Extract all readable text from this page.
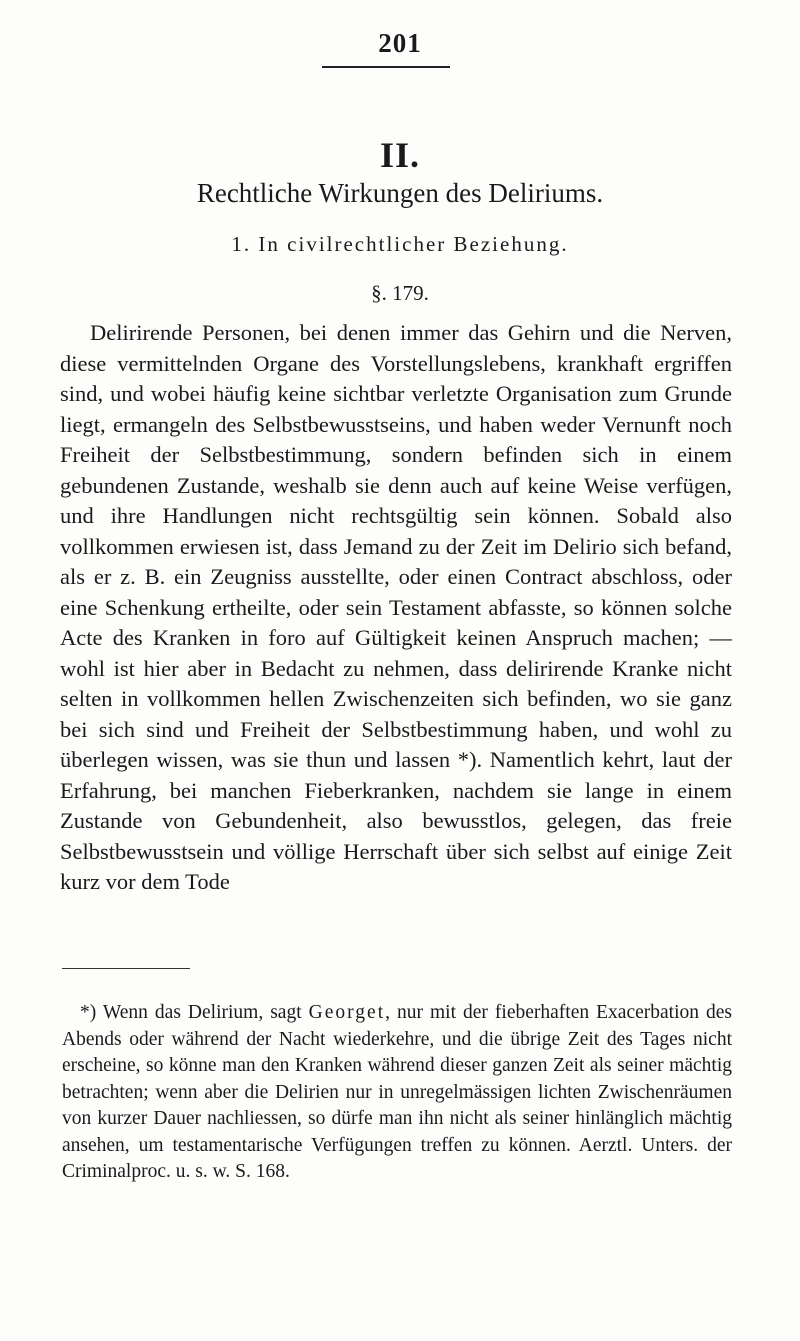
201
II.
Rechtliche Wirkungen des Deliriums.
1. In civilrechtlicher Beziehung.
§. 179.
Delirirende Personen, bei denen immer das Gehirn und die Nerven, diese vermittelnden Organe des Vorstellungslebens, krankhaft ergriffen sind, und wobei häufig keine sichtbar verletzte Organisation zum Grunde liegt, ermangeln des Selbstbewusstseins, und haben weder Vernunft noch Freiheit der Selbstbestimmung, sondern befinden sich in einem gebundenen Zustande, weshalb sie denn auch auf keine Weise verfügen, und ihre Handlungen nicht rechtsgültig sein können. Sobald also vollkommen erwiesen ist, dass Jemand zu der Zeit im Delirio sich befand, als er z. B. ein Zeugniss ausstellte, oder einen Contract abschloss, oder eine Schenkung ertheilte, oder sein Testament abfasste, so können solche Acte des Kranken in foro auf Gültigkeit keinen Anspruch machen; — wohl ist hier aber in Bedacht zu nehmen, dass delirirende Kranke nicht selten in vollkommen hellen Zwischenzeiten sich befinden, wo sie ganz bei sich sind und Freiheit der Selbstbestimmung haben, und wohl zu überlegen wissen, was sie thun und lassen *). Namentlich kehrt, laut der Erfahrung, bei manchen Fieberkranken, nachdem sie lange in einem Zustande von Gebundenheit, also bewusstlos, gelegen, das freie Selbstbewusstsein und völlige Herrschaft über sich selbst auf einige Zeit kurz vor dem Tode
*) Wenn das Delirium, sagt Georget, nur mit der fieberhaften Exacerbation des Abends oder während der Nacht wiederkehre, und die übrige Zeit des Tages nicht erscheine, so könne man den Kranken während dieser ganzen Zeit als seiner mächtig betrachten; wenn aber die Delirien nur in unregelmässigen lichten Zwischenräumen von kurzer Dauer nachliessen, so dürfe man ihn nicht als seiner hinlänglich mächtig ansehen, um testamentarische Verfügungen treffen zu können. Aerztl. Unters. der Criminalproc. u. s. w. S. 168.
